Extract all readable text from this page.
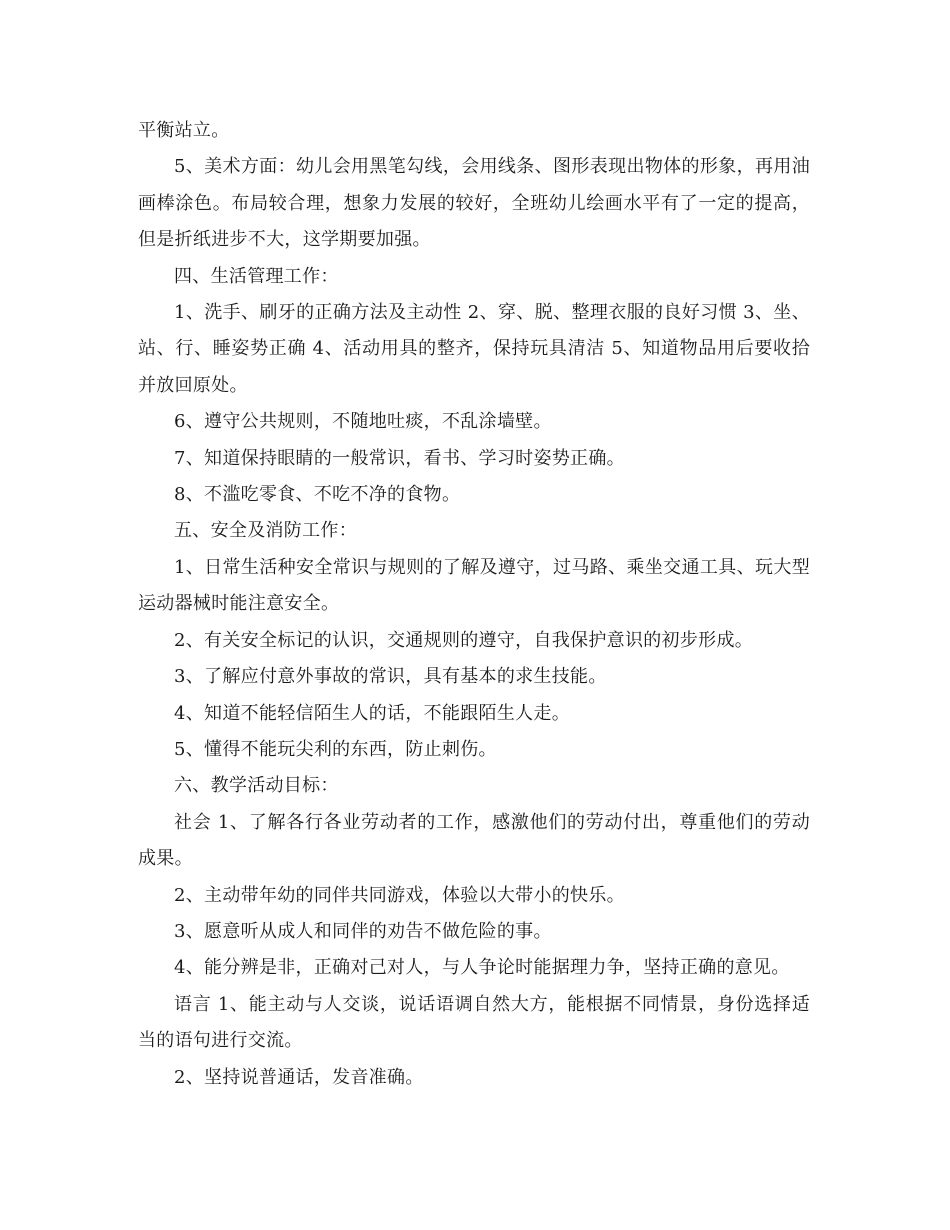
平衡站立。

5、美术方面：幼儿会用黑笔勾线，会用线条、图形表现出物体的形象，再用油画棒涂色。布局较合理，想象力发展的较好，全班幼儿绘画水平有了一定的提高，但是折纸进步不大，这学期要加强。

四、生活管理工作：

1、洗手、刷牙的正确方法及主动性 2、穿、脱、整理衣服的良好习惯 3、坐、站、行、睡姿势正确 4、活动用具的整齐，保持玩具清洁 5、知道物品用后要收拾并放回原处。

6、遵守公共规则，不随地吐痰，不乱涂墙壁。

7、知道保持眼睛的一般常识，看书、学习时姿势正确。

8、不滥吃零食、不吃不净的食物。

五、安全及消防工作：

1、日常生活种安全常识与规则的了解及遵守，过马路、乘坐交通工具、玩大型运动器械时能注意安全。

2、有关安全标记的认识，交通规则的遵守，自我保护意识的初步形成。

3、了解应付意外事故的常识，具有基本的求生技能。

4、知道不能轻信陌生人的话，不能跟陌生人走。

5、懂得不能玩尖利的东西，防止刺伤。

六、教学活动目标：

社会 1、了解各行各业劳动者的工作，感激他们的劳动付出，尊重他们的劳动成果。

2、主动带年幼的同伴共同游戏，体验以大带小的快乐。

3、愿意听从成人和同伴的劝告不做危险的事。

4、能分辨是非，正确对己对人，与人争论时能据理力争，坚持正确的意见。

语言 1、能主动与人交谈，说话语调自然大方，能根据不同情景，身份选择适当的语句进行交流。

2、坚持说普通话，发音准确。
